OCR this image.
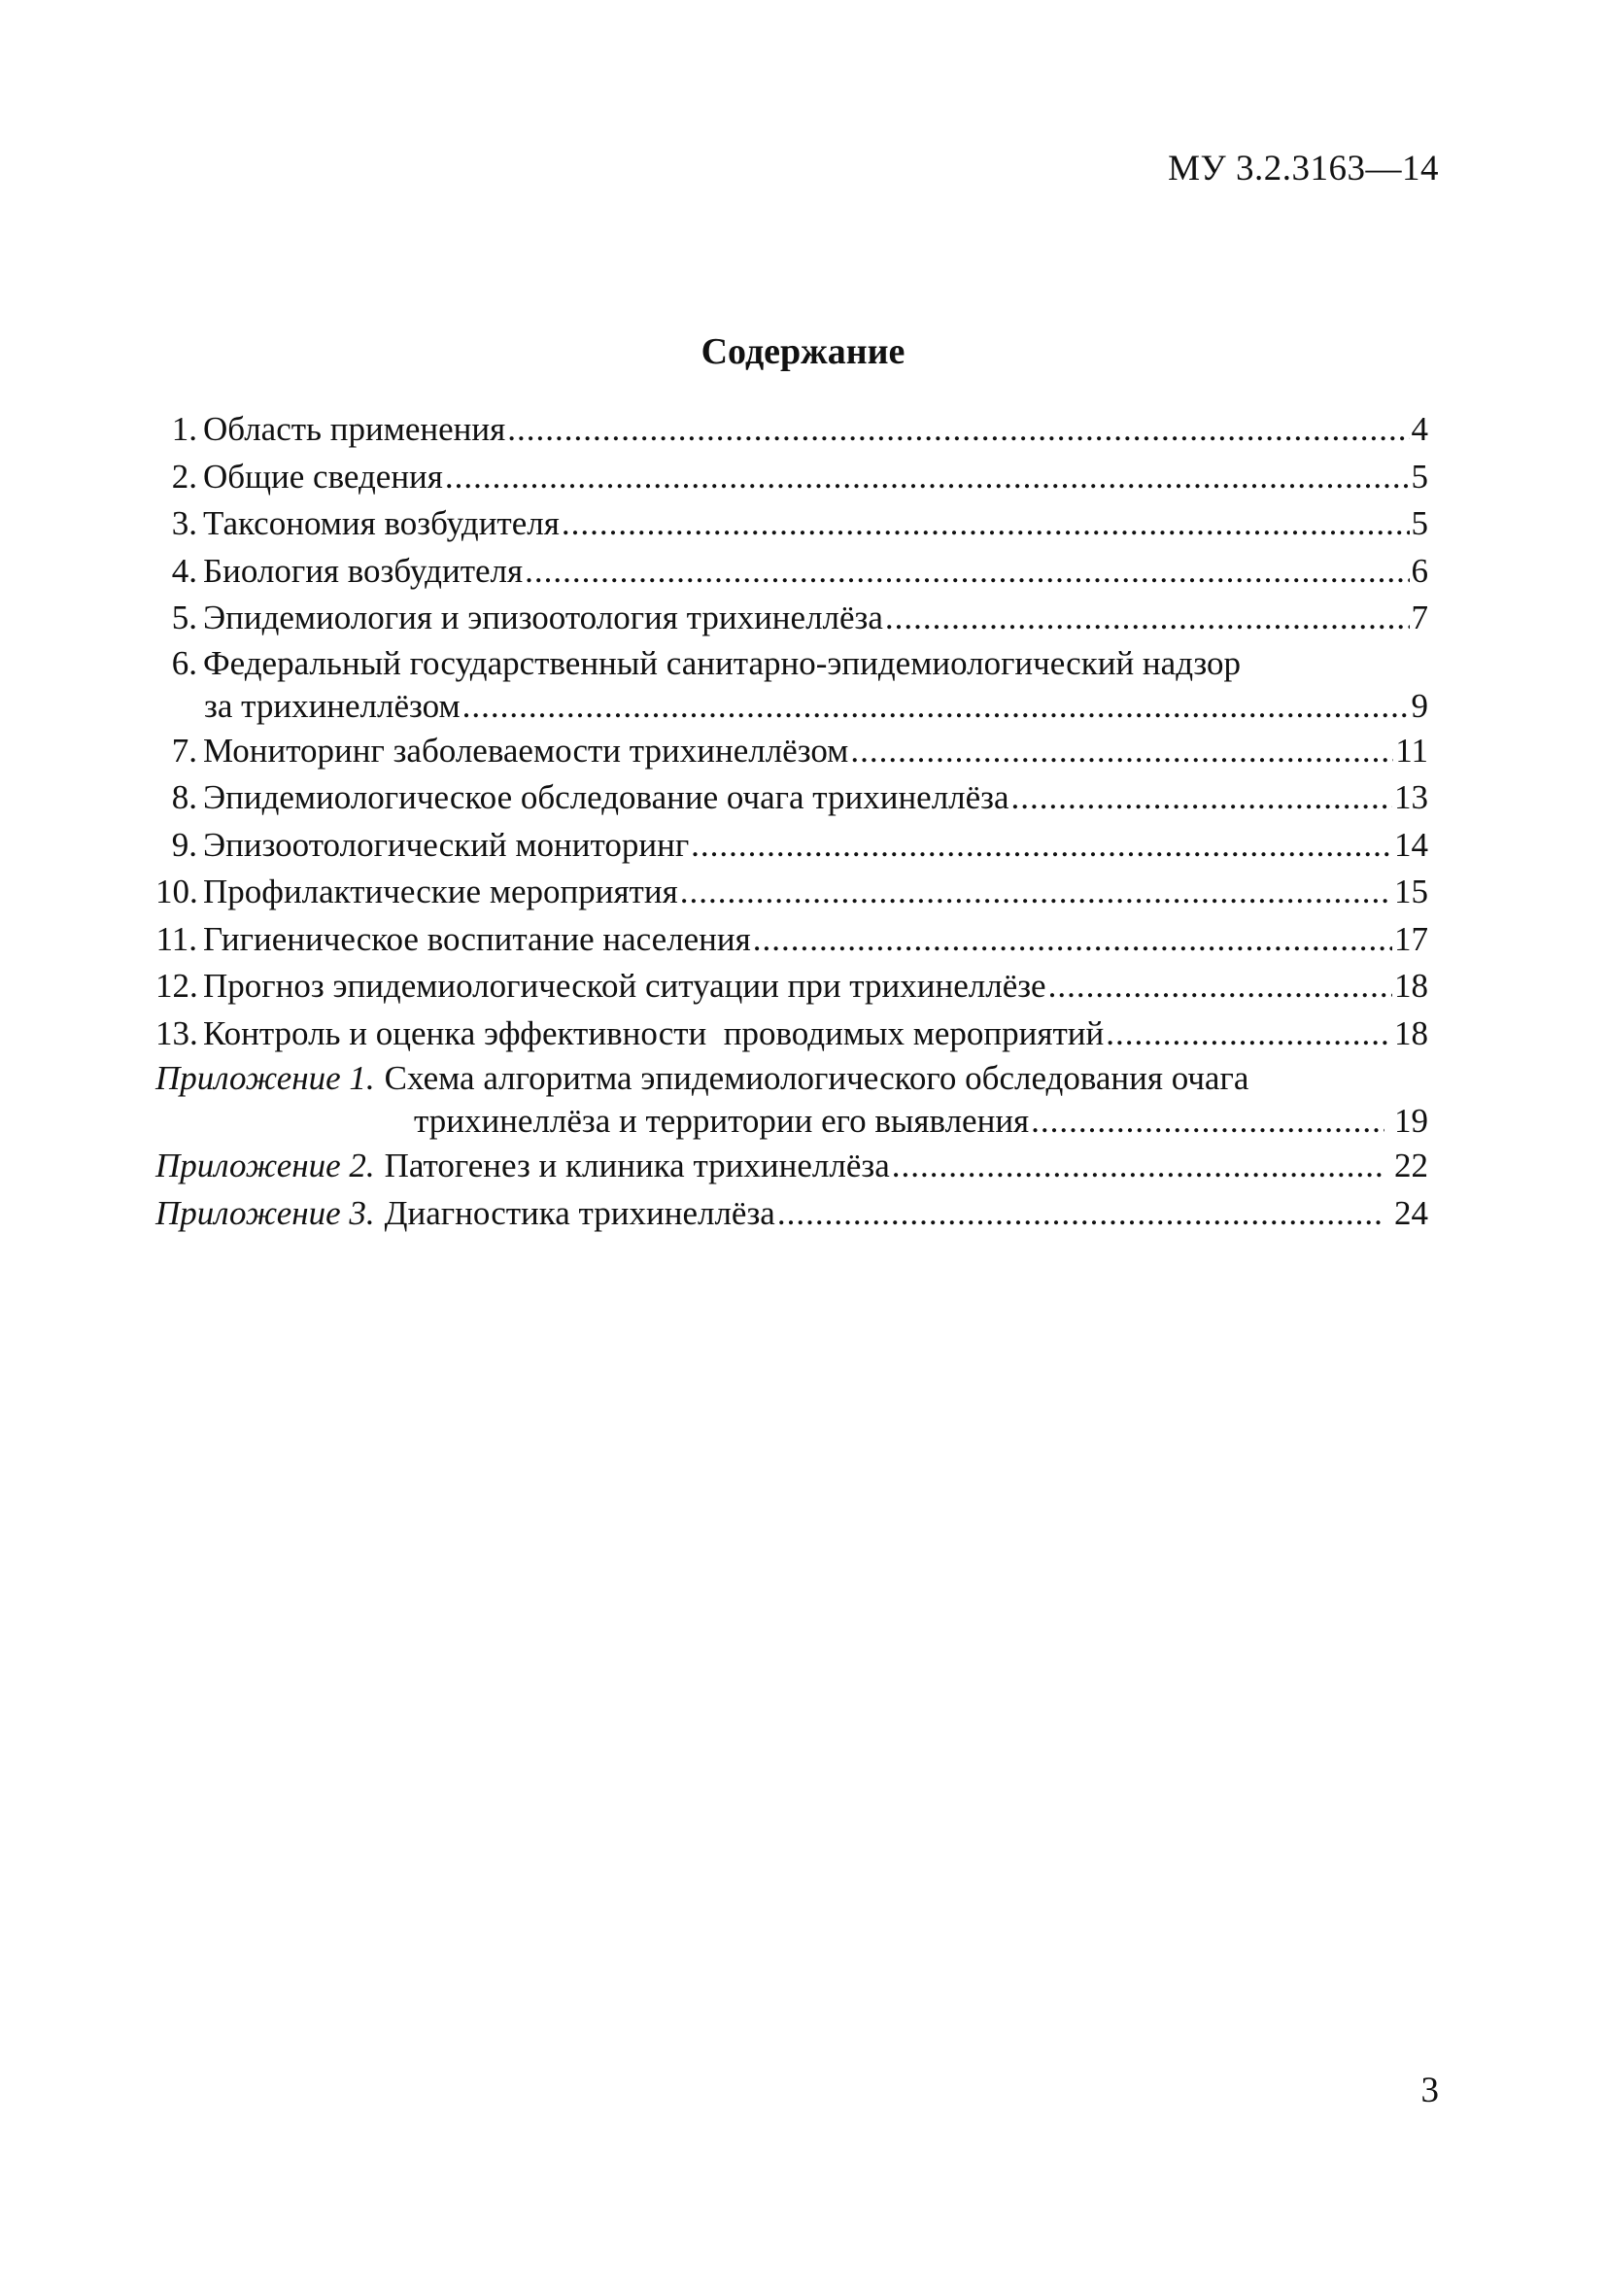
МУ 3.2.3163—14
Содержание
1. Область применения .....	4
2. Общие сведения .....	5
3. Таксономия возбудителя .....	5
4. Биология возбудителя .....	6
5. Эпидемиология и эпизоотология трихинеллёза .....	7
6. Федеральный государственный санитарно-эпидемиологический надзор
за трихинеллёзом .....	9
7. Мониторинг заболеваемости трихинеллёзом .....	11
8. Эпидемиологическое обследование очага трихинеллёза .....	13
9. Эпизоотологический мониторинг .....	14
10. Профилактические мероприятия .....	15
11. Гигиеническое воспитание населения .....	17
12. Прогноз эпидемиологической ситуации при трихинеллёзе .....	18
13. Контроль и оценка эффективности  проводимых мероприятий .....	18
Приложение 1. Схема алгоритма эпидемиологического обследования очага
трихинеллёза и территории его выявления .....	19
Приложение 2. Патогенез и клиника трихинеллёза .....	22
Приложение 3. Диагностика трихинеллёза .....	24
3
